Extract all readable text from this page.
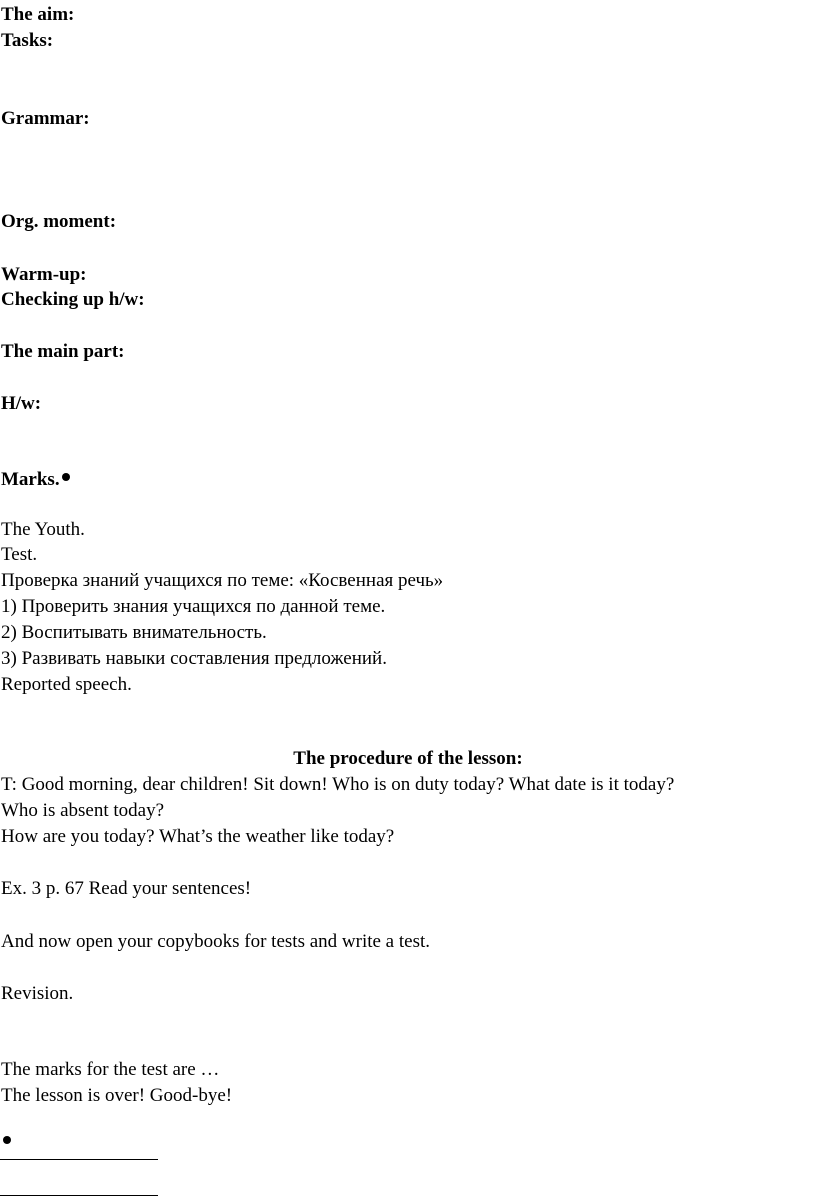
The aim:

Tasks:

Grammar:

Org. moment:

Warm-up:

Checking up h/w:

The main part:

H/w:

Marks.

The Youth.

Test.

Проверка знаний учащихся по теме: «Косвенная речь»

1) Проверить знания учащихся по данной теме.

2) Воспитывать внимательность.

3) Развивать навыки составления предложений.

Reported speech.

The procedure of the lesson:

T: Good morning, dear children! Sit down! Who is on duty today? What date is it today?

Who is absent today?

How are you today? What’s the weather like today?

Ex. 3 p. 67 Read your sentences!

And now open your copybooks for tests and write a test.

Revision.

The marks for the test are …

The lesson is over! Good-bye!
